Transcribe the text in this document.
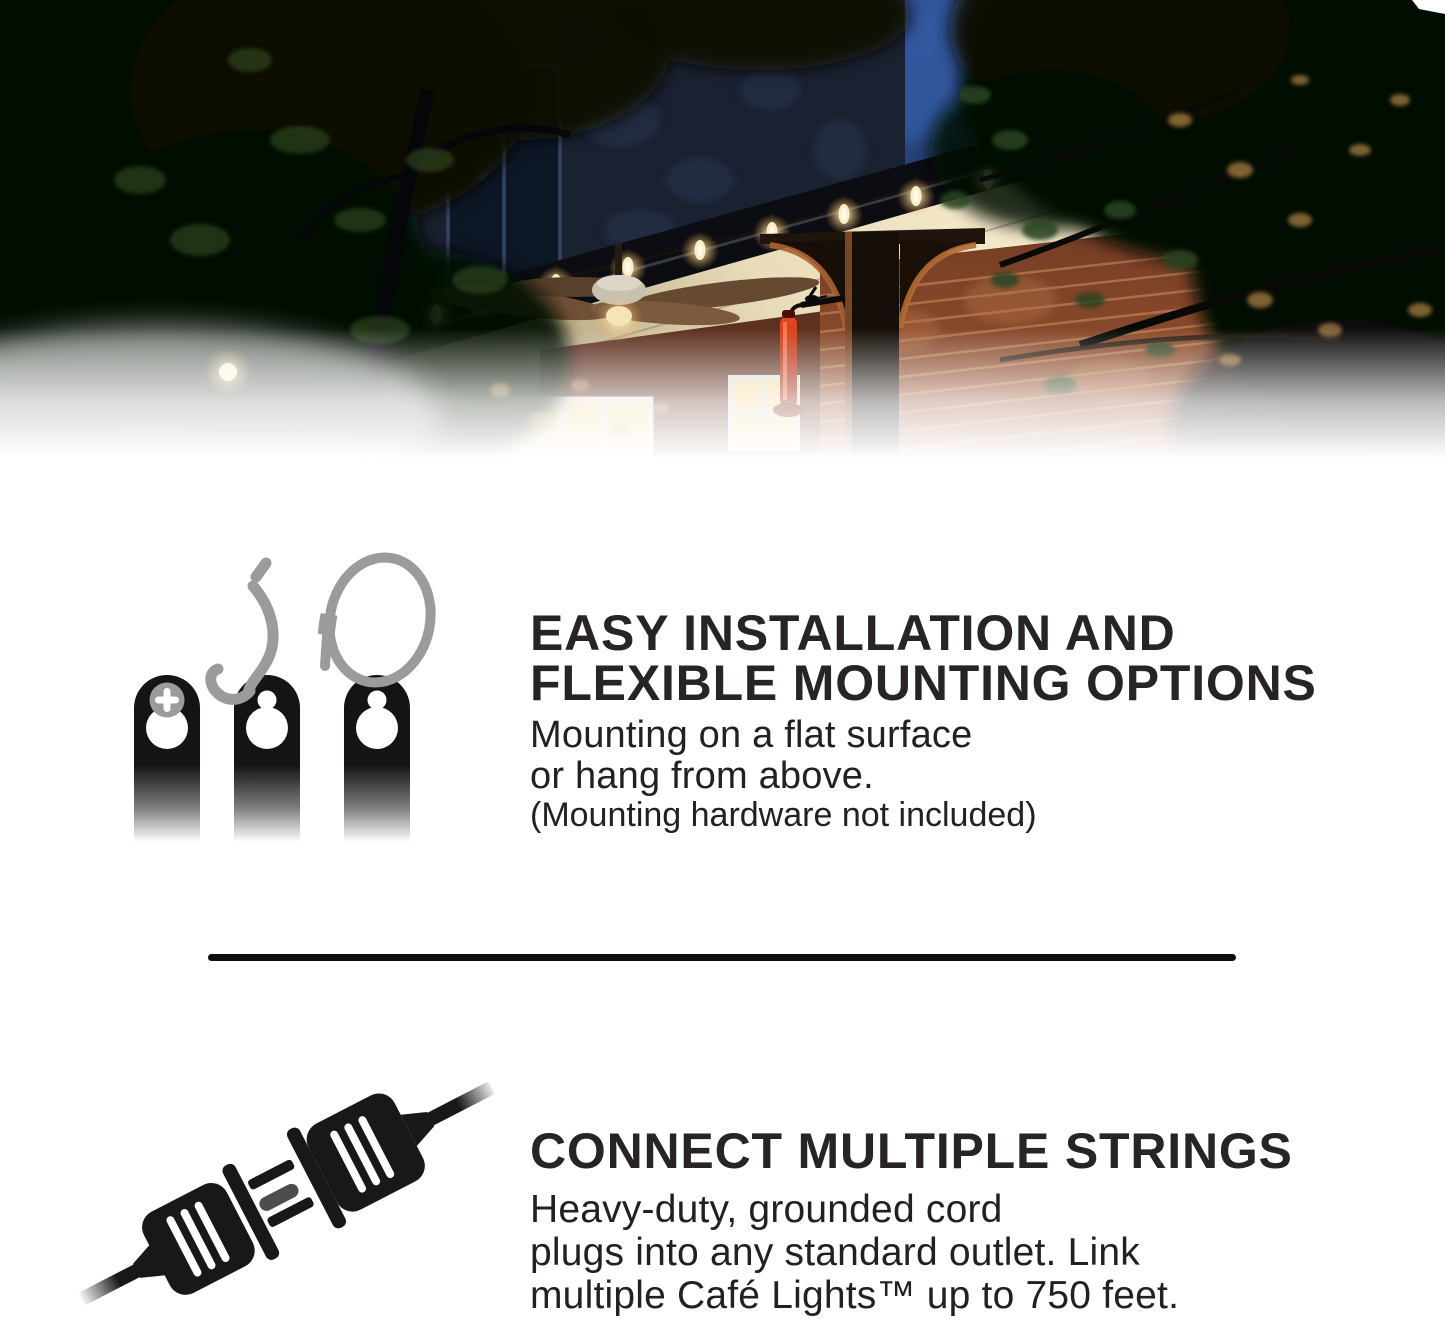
EASY INSTALLATION AND
FLEXIBLE MOUNTING OPTIONS

Mounting on a flat surface
or hang from above.

(Mounting hardware not included)

CONNECT MULTIPLE STRINGS

Heavy-duty, grounded cord
plugs into any standard outlet. Link
multiple Café Lights™ up to 750 feet.
